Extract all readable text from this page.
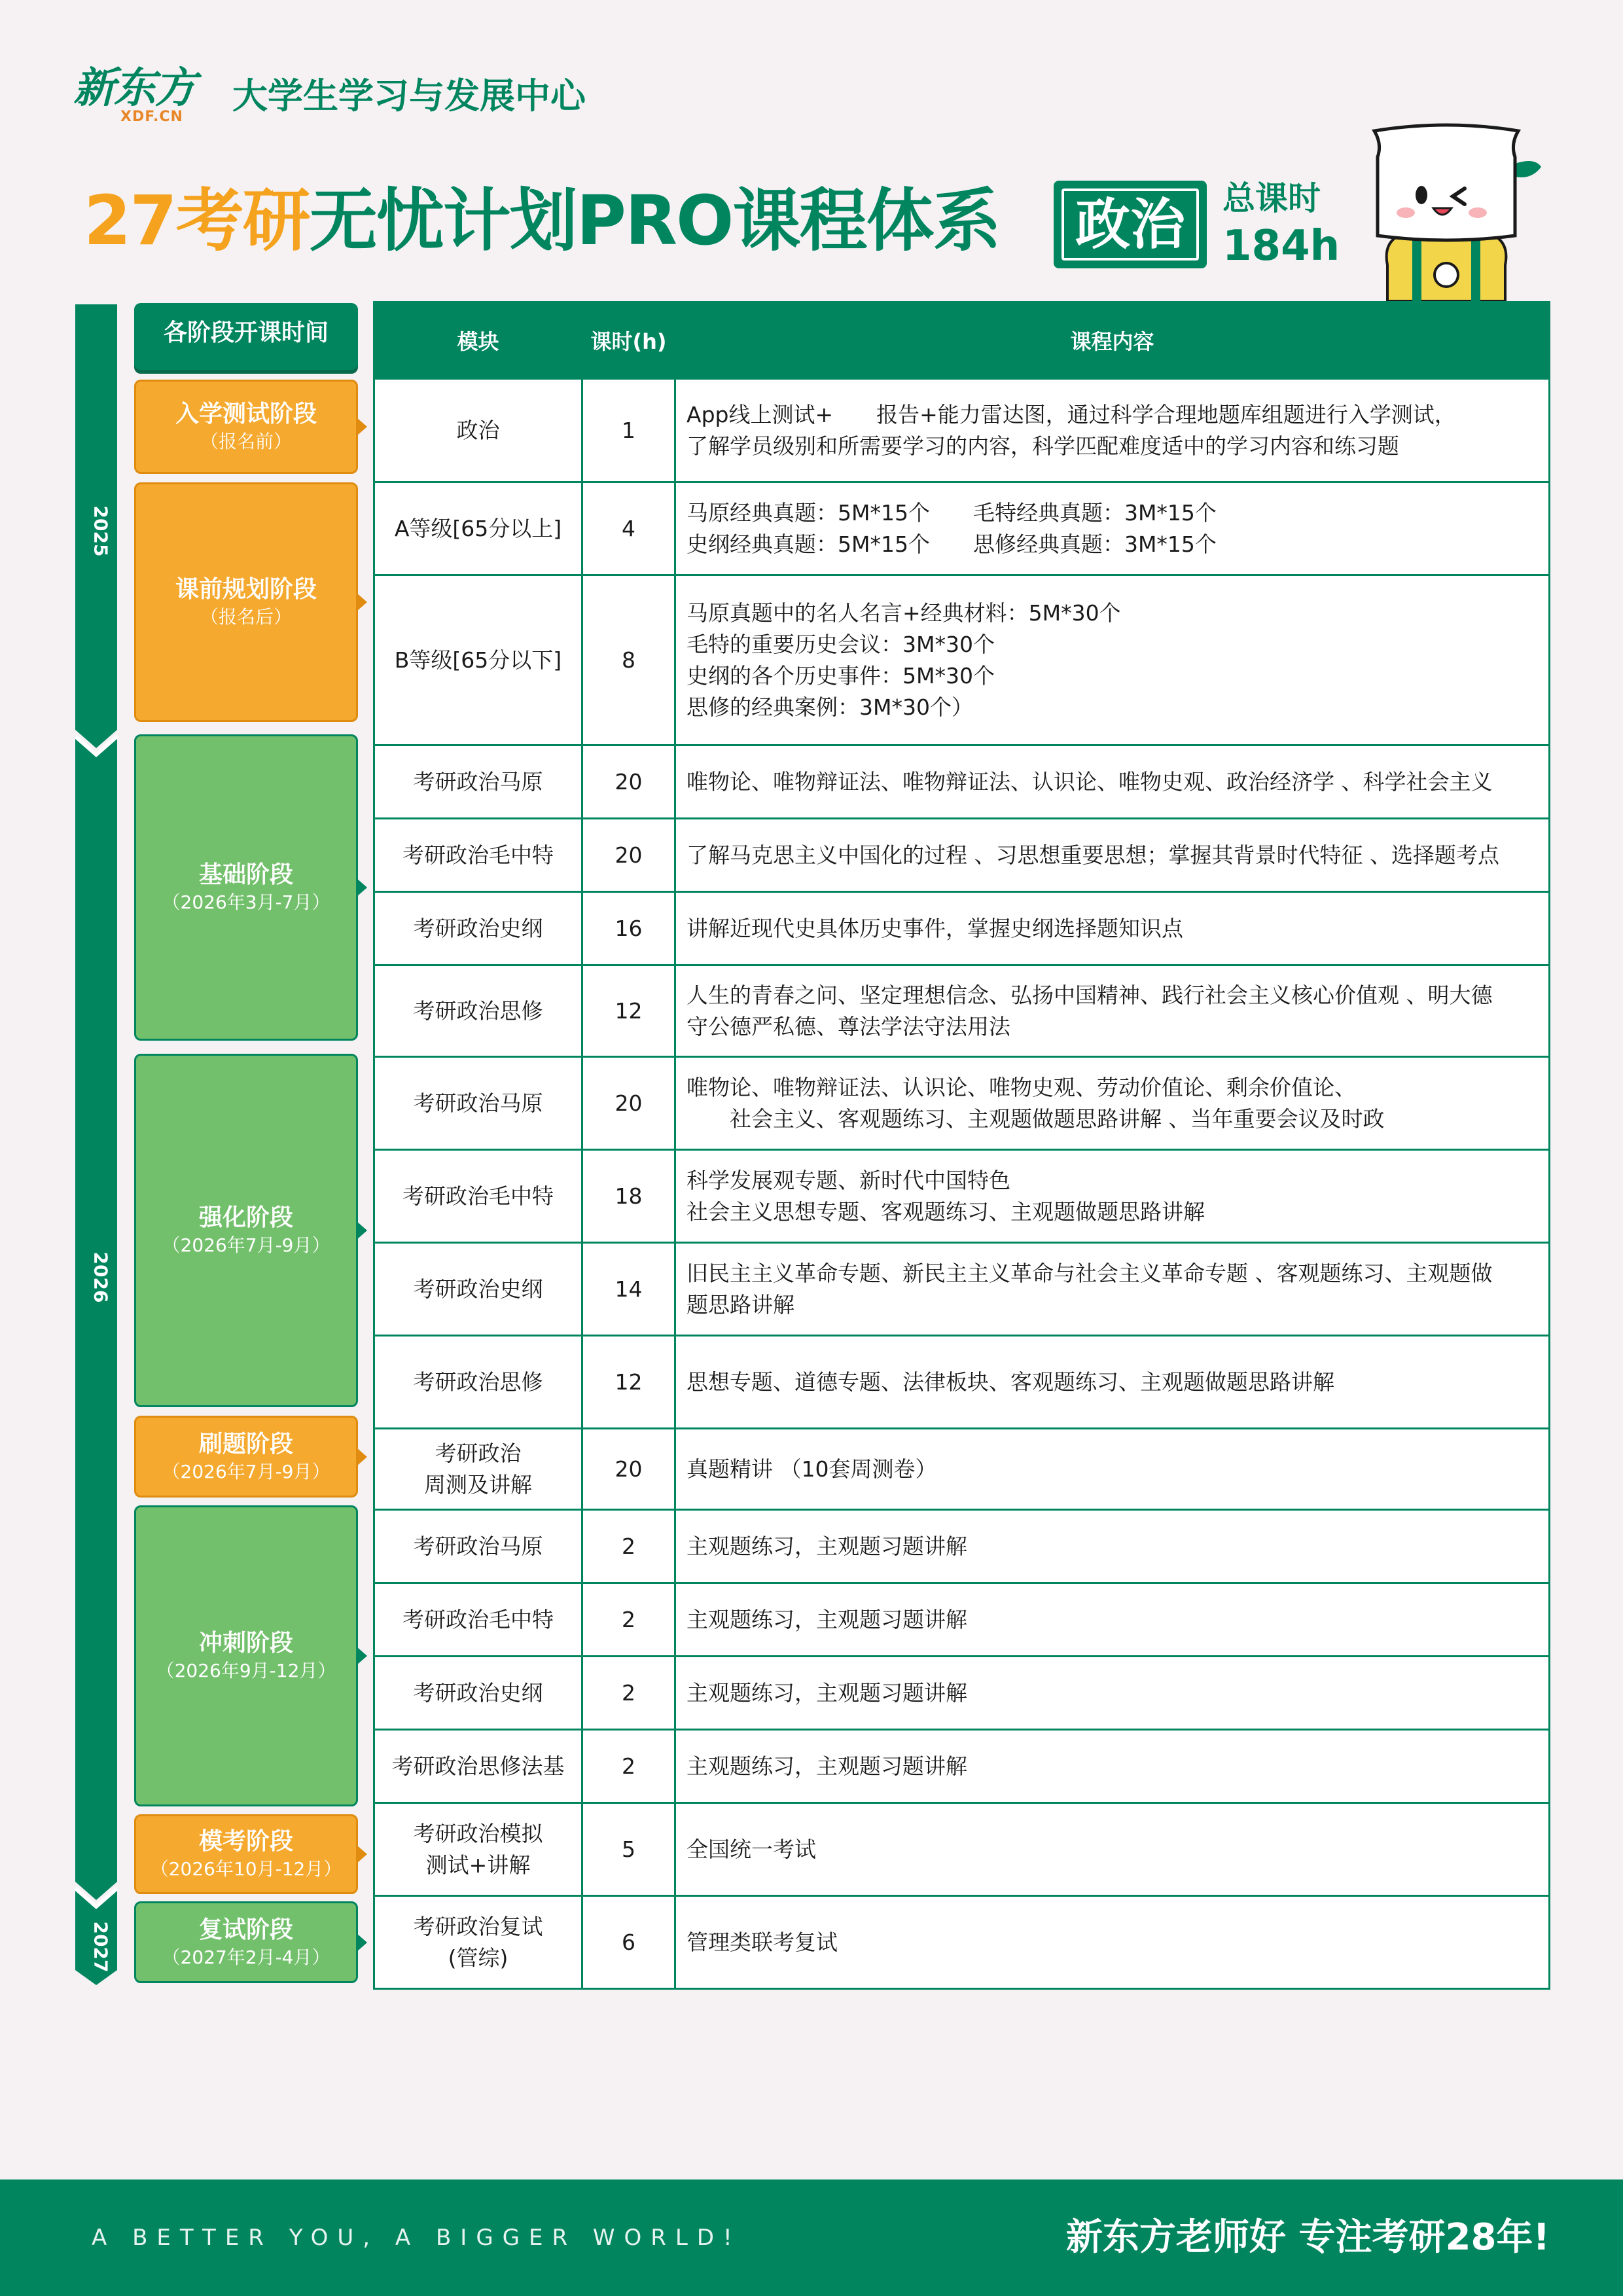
新东方
XDF.CN
大学生学习与发展中心
27考研无忧计划PRO课程体系 政治	总课时
184h
2025
2026
2027
各阶段开课时间
入学测试阶段
（报名前）
课前规划阶段
（报名后）
基础阶段
（2026年3月-7月）
强化阶段
（2026年7月-9月）
刷题阶段
（2026年7月-9月）
冲刺阶段
（2026年9月-12月）
模考阶段
（2026年10月-12月）
复试阶段
（2027年2月-4月）
模块	课时(h)	课程内容
政治	1	App线上测试+　　报告+能力雷达图，通过科学合理地题库组题进行入学测试，
了解学员级别和所需要学习的内容，科学匹配难度适中的学习内容和练习题
A等级[65分以上]	4	马原经典真题：5M*15个　　毛特经典真题：3M*15个
史纲经典真题：5M*15个　　思修经典真题：3M*15个
B等级[65分以下]	8	马原真题中的名人名言+经典材料：5M*30个
毛特的重要历史会议：3M*30个
史纲的各个历史事件：5M*30个
思修的经典案例：3M*30个）
考研政治马原	20	唯物论、唯物辩证法、唯物辩证法、认识论、唯物史观、政治经济学 、科学社会主义
考研政治毛中特	20	了解马克思主义中国化的过程 、习思想重要思想；掌握其背景时代特征 、选择题考点
考研政治史纲	16	讲解近现代史具体历史事件，掌握史纲选择题知识点
考研政治思修	12	人生的青春之问、坚定理想信念、弘扬中国精神、践行社会主义核心价值观 、明大德
守公德严私德、尊法学法守法用法
考研政治马原	20	唯物论、唯物辩证法、认识论、唯物史观、劳动价值论、剩余价值论、
　　社会主义、客观题练习、主观题做题思路讲解 、当年重要会议及时政
考研政治毛中特	18	科学发展观专题、新时代中国特色
社会主义思想专题、客观题练习、主观题做题思路讲解
考研政治史纲	14	旧民主主义革命专题、新民主主义革命与社会主义革命专题 、客观题练习、主观题做
题思路讲解
考研政治思修	12	思想专题、道德专题、法律板块、客观题练习、主观题做题思路讲解
考研政治
周测及讲解	20	真题精讲 （10套周测卷）
考研政治马原	2	主观题练习，主观题习题讲解
考研政治毛中特	2	主观题练习，主观题习题讲解
考研政治史纲	2	主观题练习，主观题习题讲解
考研政治思修法基	2	主观题练习，主观题习题讲解
考研政治模拟
测试+讲解	5	全国统一考试
考研政治复试
(管综)	6	管理类联考复试
A BETTER YOU, A BIGGER WORLD!	新东方老师好 专注考研28年!
